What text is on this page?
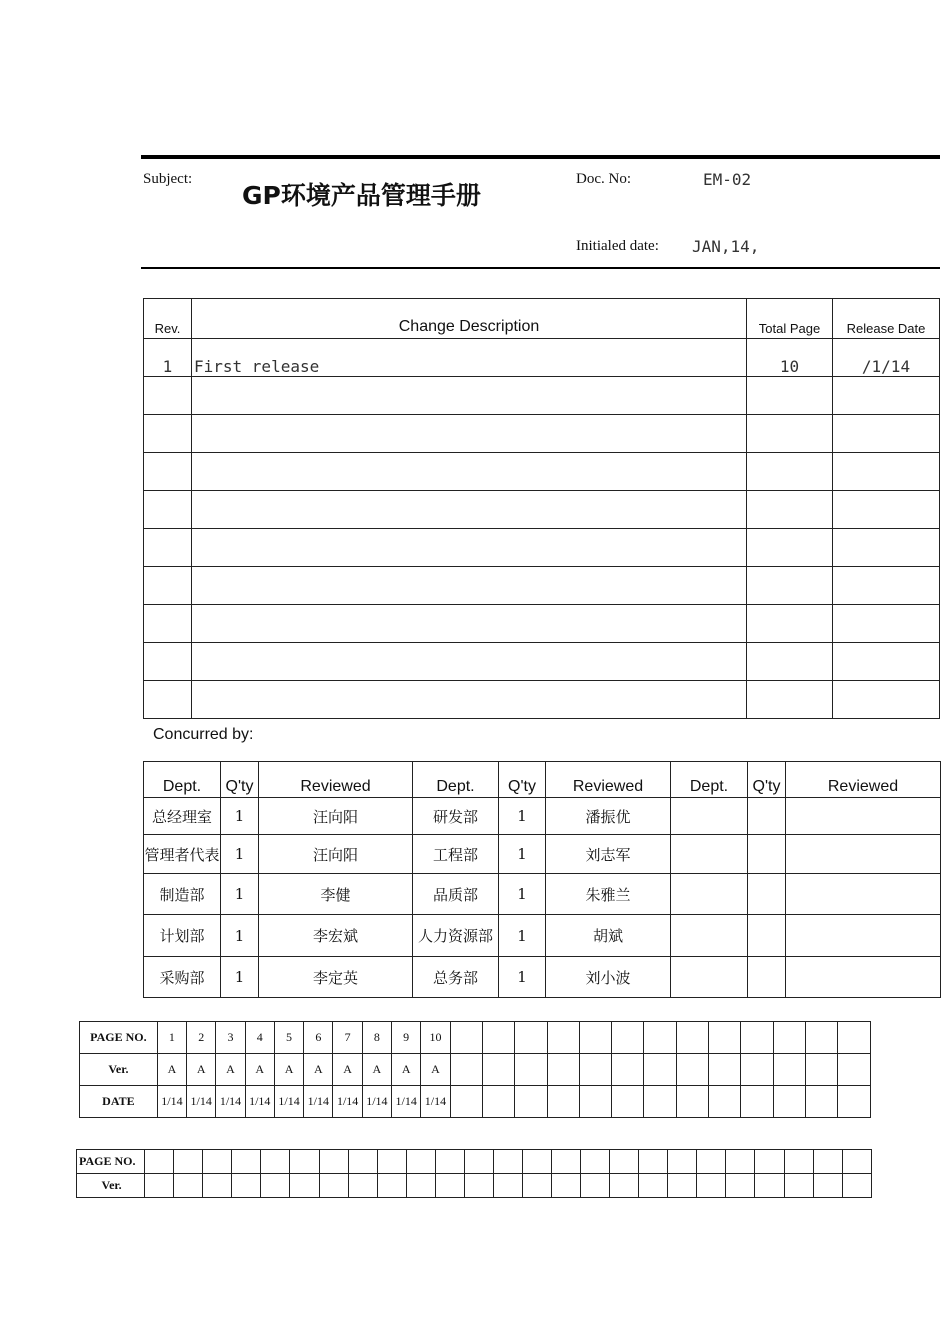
Subject:
GP环境产品管理手册
Doc. No:	EM-02
Initialed date: JAN,14,
Rev.	Change Description	Total Page	Release Date
1	First release	10	/1/14

Concurred by:
Dept.	Q'ty	Reviewed	Dept.	Q'ty	Reviewed	Dept.	Q'ty	Reviewed
总经理室	1	汪向阳	研发部	1	潘振优			
管理者代表	1	汪向阳	工程部	1	刘志军			
制造部	1	李健	品质部	1	朱雅兰			
计划部	1	李宏斌	人力资源部	1	胡斌			
采购部	1	李定英	总务部	1	刘小波			
PAGE NO.	1	2	3	4	5	6	7	8	9	10													
Ver.	A	A	A	A	A	A	A	A	A	A													
DATE	1/14	1/14	1/14	1/14	1/14	1/14	1/14	1/14	1/14	1/14													
PAGE NO.																									
Ver.																									
